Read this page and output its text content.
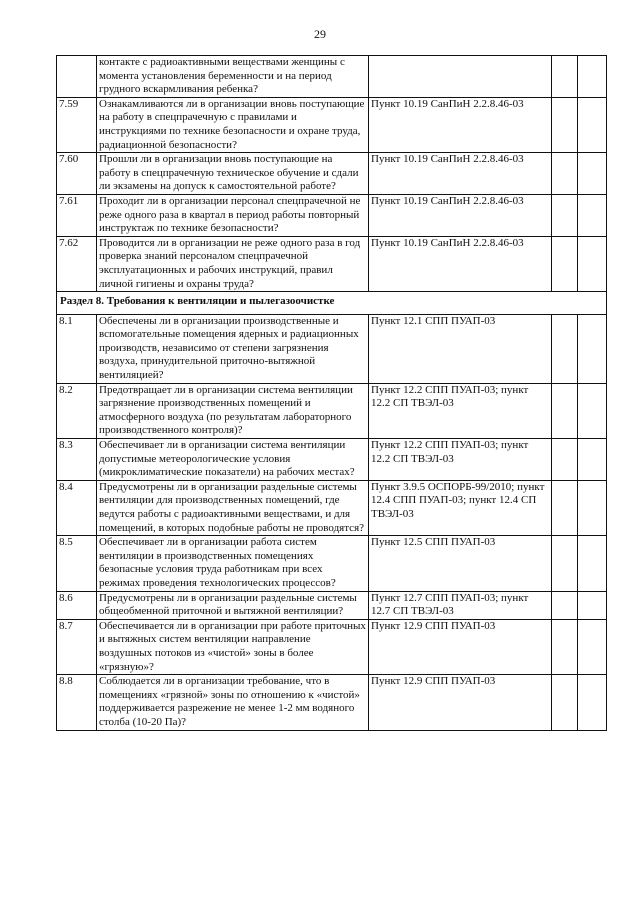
29
	контакте с радиоактивными веществами женщины с момента установления беременности и на период грудного вскармливания ребенка?			
7.59	Ознакамливаются ли в организации вновь поступающие на работу в спецпрачечную с правилами и инструкциями по технике безопасности и охране труда, радиационной безопасности?	Пункт 10.19 СанПиН 2.2.8.46-03		
7.60	Прошли ли в организации вновь поступающие на работу в спецпрачечную техническое обучение и сдали ли экзамены на допуск к самостоятельной работе?	Пункт 10.19 СанПиН 2.2.8.46-03		
7.61	Проходит ли в организации персонал спецпрачечной не реже одного раза в квартал в период работы повторный инструктаж по технике безопасности?	Пункт 10.19 СанПиН 2.2.8.46-03		
7.62	Проводится ли в организации не реже одного раза в год проверка знаний персоналом спецпрачечной эксплуатационных и рабочих инструкций, правил личной гигиены и охраны труда?	Пункт 10.19 СанПиН 2.2.8.46-03		
Раздел 8. Требования к вентиляции и пылегазоочистке				
8.1	Обеспечены ли в организации производственные и вспомогательные помещения ядерных и радиационных производств, независимо от степени загрязнения воздуха, принудительной приточно-вытяжной вентиляцией?	Пункт 12.1 СПП ПУАП-03		
8.2	Предотвращает ли в организации система вентиляции загрязнение производственных помещений и атмосферного воздуха (по результатам лабораторного производственного контроля)?	Пункт 12.2 СПП ПУАП-03; пункт 12.2 СП ТВЭЛ-03		
8.3	Обеспечивает ли в организации система вентиляции допустимые метеорологические условия (микроклиматические показатели) на рабочих местах?	Пункт 12.2 СПП ПУАП-03; пункт 12.2 СП ТВЭЛ-03		
8.4	Предусмотрены ли в организации раздельные системы вентиляции для производственных помещений, где ведутся работы с радиоактивными веществами, и для помещений, в которых подобные работы не проводятся?	Пункт 3.9.5 ОСПОРБ-99/2010; пункт 12.4 СПП ПУАП-03; пункт 12.4 СП ТВЭЛ-03		
8.5	Обеспечивает ли в организации работа систем вентиляции в производственных помещениях безопасные условия труда работникам при всех режимах проведения технологических процессов?	Пункт 12.5 СПП ПУАП-03		
8.6	Предусмотрены ли в организации раздельные системы общеобменной приточной и вытяжной вентиляции?	Пункт 12.7 СПП ПУАП-03; пункт 12.7 СП ТВЭЛ-03		
8.7	Обеспечивается ли в организации при работе приточных и вытяжных систем вентиляции направление воздушных потоков из «чистой» зоны в более «грязную»?	Пункт 12.9 СПП ПУАП-03		
8.8	Соблюдается ли в организации требование, что в помещениях «грязной» зоны по отношению к «чистой» поддерживается разрежение не менее 1-2 мм водяного столба (10-20 Па)?	Пункт 12.9 СПП ПУАП-03		
